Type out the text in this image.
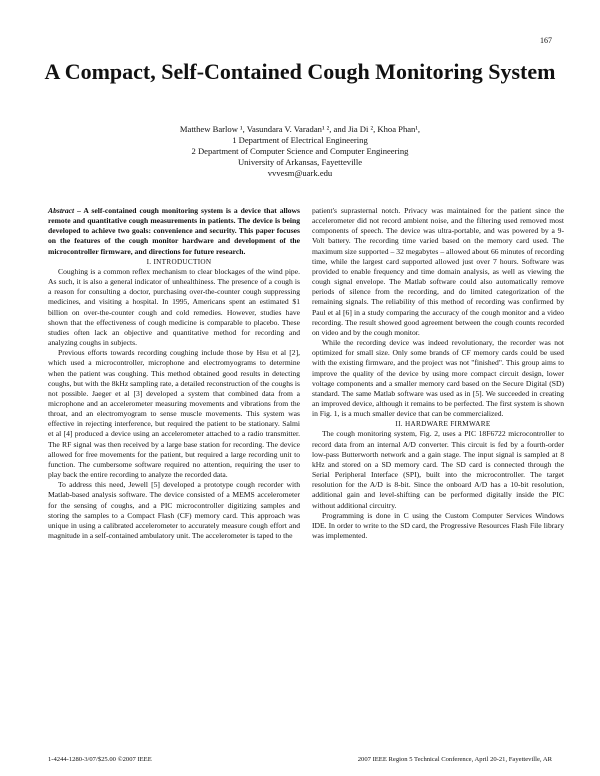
167
A Compact, Self-Contained Cough Monitoring System
Matthew Barlow ¹, Vasundara V. Varadan¹ ², and Jia Di ², Khoa Phan¹,
1 Department of Electrical Engineering
2 Department of Computer Science and Computer Engineering
University of Arkansas, Fayetteville
vvvesm@uark.edu

Abstract – A self-contained cough monitoring system is a device that allows remote and quantitative cough measurements in patients. The device is being developed to achieve two goals: convenience and security. This paper focuses on the features of the cough monitor hardware and development of the microcontroller firmware, and directions for future research.

I. INTRODUCTION

Coughing is a common reflex mechanism to clear blockages of the wind pipe. As such, it is also a general indicator of unhealthiness. The presence of a cough is a reason for consulting a doctor, purchasing over-the-counter cough suppressing medicines, and visiting a hospital. In 1995, Americans spent an estimated $1 billion on over-the-counter cough and cold remedies. However, studies have shown that the effectiveness of cough medicine is comparable to placebo. These studies often lack an objective and quantitative method for recording and analyzing coughs in subjects.

Previous efforts towards recording coughing include those by Hsu et al [2], which used a microcontroller, microphone and electromyograms to determine when the patient was coughing. This method obtained good results in detecting coughs, but with the 8kHz sampling rate, a detailed reconstruction of the coughs is not possible. Jaeger et al [3] developed a system that combined data from a microphone and an accelerometer measuring movements and vibrations from the throat, and an electromyogram to sense muscle movements. This system was effective in rejecting interference, but required the patient to be stationary. Salmi et al [4] produced a device using an accelerometer attached to a radio transmitter. The RF signal was then received by a large base station for recording. The device allowed for free movements for the patient, but required a large recording unit to function. The cumbersome software required no attention, requiring the user to play back the entire recording to analyze the recorded data.

To address this need, Jewell [5] developed a prototype cough recorder with Matlab-based analysis software. The device consisted of a MEMS accelerometer for the sensing of coughs, and a PIC microcontroller digitizing samples and storing the samples to a Compact Flash (CF) memory card. This approach was unique in using a calibrated accelerometer to accurately measure cough effort and magnitude in a self-contained ambulatory unit. The accelerometer is taped to the

patient's suprasternal notch. Privacy was maintained for the patient since the accelerometer did not record ambient noise, and the filtering used removed most components of speech. The device was ultra-portable, and was powered by a 9-Volt battery. The recording time varied based on the memory card used. The maximum size supported – 32 megabytes – allowed about 66 minutes of recording time, while the largest card supported allowed just over 7 hours. Software was provided to enable frequency and time domain analysis, as well as viewing the cough signal envelope. The Matlab software could also automatically remove periods of silence from the recording, and do limited categorization of the remaining signals. The reliability of this method of recording was confirmed by Paul et al [6] in a study comparing the accuracy of the cough monitor and a video recording. The result showed good agreement between the cough counts recorded on video and by the cough monitor.

While the recording device was indeed revolutionary, the recorder was not optimized for small size. Only some brands of CF memory cards could be used with the existing firmware, and the project was not "finished". This group aims to improve the quality of the device by using more compact circuit design, lower voltage components and a smaller memory card based on the Secure Digital (SD) standard. The same Matlab software was used as in [5]. We succeeded in creating an improved device, although it remains to be perfected. The first system is shown in Fig. 1, is a much smaller device that can be commercialized.

II. HARDWARE FIRMWARE

The cough monitoring system, Fig. 2, uses a PIC 18F6722 microcontroller to record data from an internal A/D converter. This circuit is fed by a fourth-order low-pass Butterworth network and a gain stage. The input signal is sampled at 8 kHz and stored on a SD memory card. The SD card is connected through the Serial Peripheral Interface (SPI), built into the microcontroller. The target resolution for the A/D is 8-bit. Since the onboard A/D has a 10-bit resolution, additional gain and level-shifting can be performed digitally inside the PIC without additional circuitry.

Programming is done in C using the Custom Computer Services Windows IDE. In order to write to the SD card, the Progressive Resources Flash File library was implemented.

1-4244-1280-3/07/$25.00 ©2007 IEEE	2007 IEEE Region 5 Technical Conference, April 20-21, Fayetteville, AR
